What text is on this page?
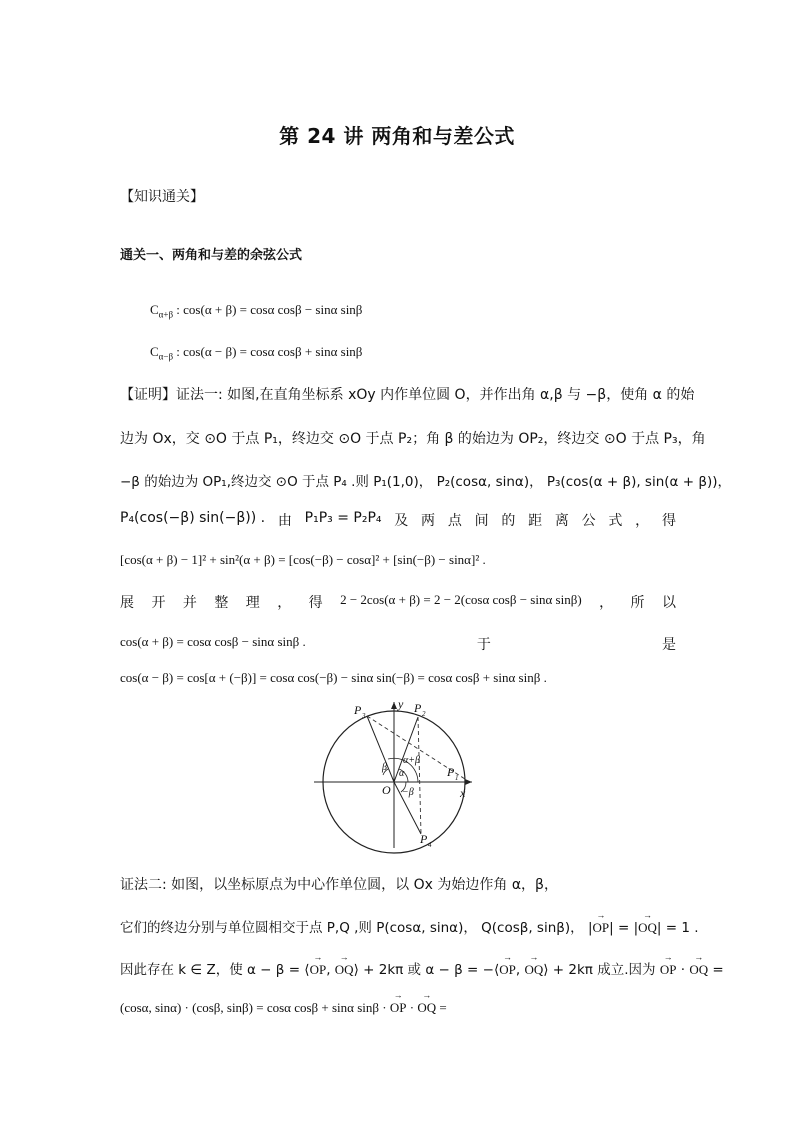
第 24 讲 两角和与差公式
【知识通关】
通关一、两角和与差的余弦公式
$C_{\alpha+\beta}$ : cos(α + β) = cosα cosβ − sinα sinβ
$C_{\alpha-\beta}$ : cos(α − β) = cosα cosβ + sinα sinβ
【证明】证法一: 如图,在直角坐标系 xOy 内作单位圆 O，并作出角 α,β 与 −β，使角 α 的始
边为 Ox，交 ⊙O 于点 P₁，终边交 ⊙O 于点 P₂；角 β 的始边为 OP₂，终边交 ⊙O 于点 P₃，角
−β 的始边为 OP₁,终边交 ⊙O 于点 P₄ .则 P₁(1,0)， P₂(cosα, sinα)， P₃(cos(α + β), sin(α + β))，
P₄(cos(−β) sin(−β)) . 由 P₁P₃ = P₂P₄ 及 两 点 间 的 距 离 公 式 ， 得
[cos(α + β) − 1]² + sin²(α + β) = [cos(−β) − cosα]² + [sin(−β) − sinα]² .
展 开 并 整 理 ， 得 2 − 2cos(α + β) = 2 − 2(cosα cosβ − sinα sinβ) ， 所 以
cos(α + β) = cosα cosβ − sinα sinβ .	于	是
cos(α − β) = cos[α + (−β)] = cosα cos(−β) − sinα sin(−β) = cosα cosβ + sinα sinβ .
P 3
P 2
P 1
P 4
O	x
y
α
α+β
β
−β
证法二: 如图，以坐标原点为中心作单位圆，以 Ox 为始边作角 α，β，
它们的终边分别与单位圆相交于点 P,Q ,则 P(cosα, sinα)， Q(cosβ, sinβ)， |→ OP| = |→ OQ| = 1 .
因此存在 k ∈ Z，使 α − β = ⟨→ OP, → OQ⟩ + 2kπ 或 α − β = −⟨→ OP, → OQ⟩ + 2kπ 成立.因为 → OP · → OQ =
(cosα, sinα) · (cosβ, sinβ) = cosα cosβ + sinα sinβ · → OP · → OQ =
